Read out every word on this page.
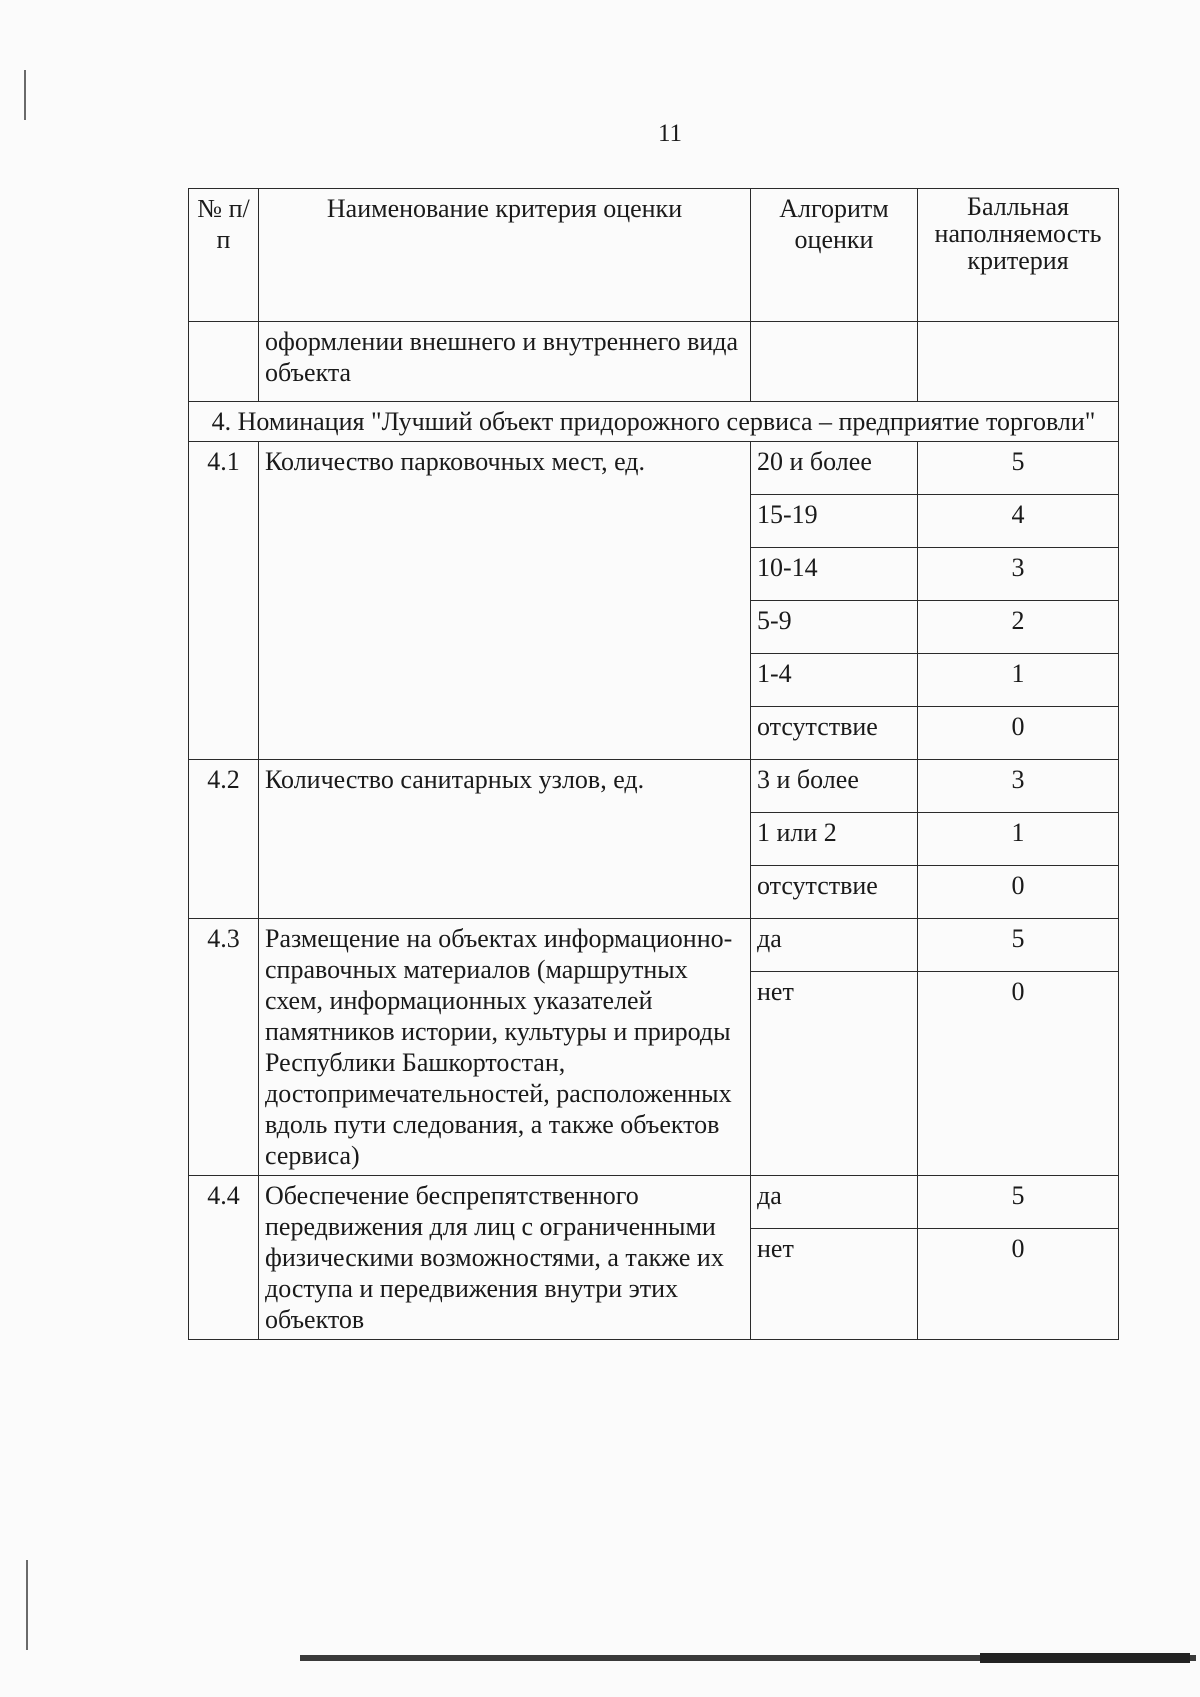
11
№ п/п	Наименование критерия оценки	Алгоритм оценки	Балльная наполняемость критерия
	оформлении внешнего и внутреннего вида объекта		
4. Номинация "Лучший объект придорожного сервиса – предприятие торговли"			
4.1	Количество парковочных мест, ед.	20 и более	5
		15-19	4
		10-14	3
		5-9	2
		1-4	1
		отсутствие	0
4.2	Количество санитарных узлов, ед.	3 и более	3
		1 или 2	1
		отсутствие	0
4.3	Размещение на объектах информационно-справочных материалов (маршрутных схем, информационных указателей памятников истории, культуры и природы Республики Башкортостан, достопримечательностей, расположенных вдоль пути следования, а также объектов сервиса)	да	5
		нет	0
4.4	Обеспечение беспрепятственного передвижения для лиц с ограниченными физическими возможностями, а также их доступа и передвижения внутри этих объектов	да	5
		нет	0
